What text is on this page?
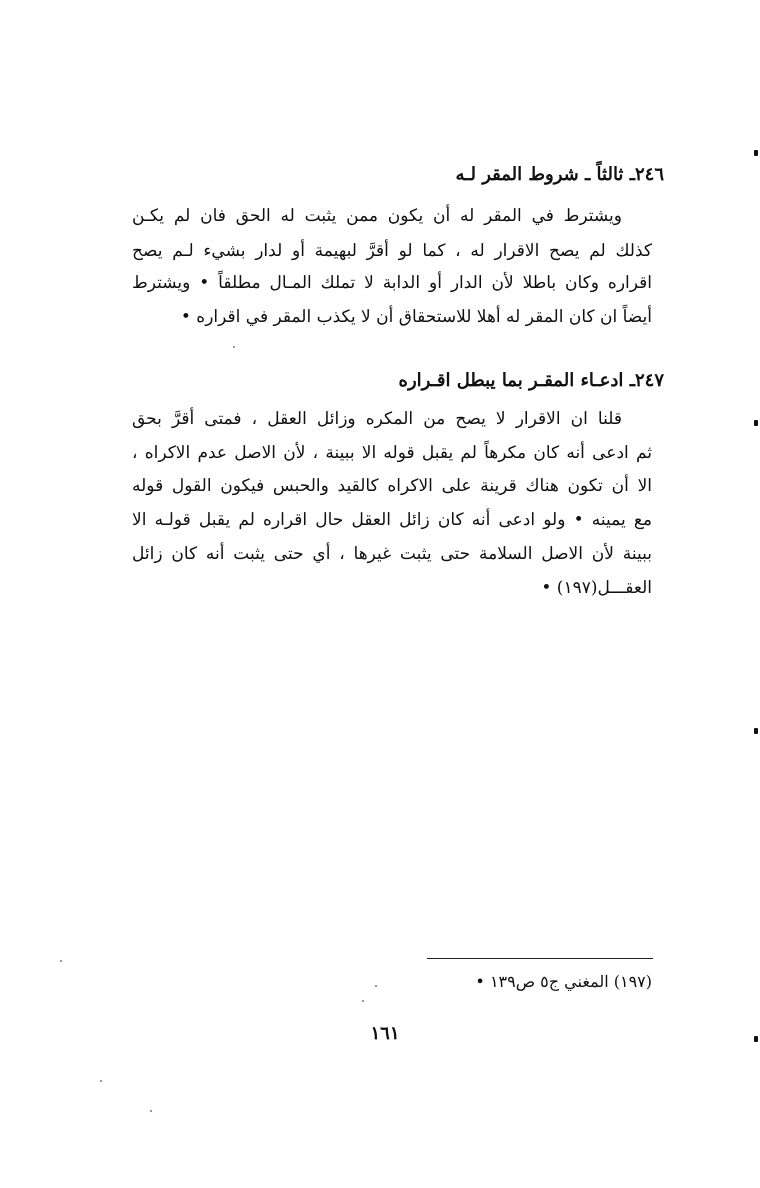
٢٤٦ـ ثالثاً ـ شروط المقر لـه
ويشترط في المقر له أن يكون ممن يثبت له الحق فان لم يكـن
كذلك لم يصح الاقرار له ، كما لو أقرَّ لبهيمة أو لدار بشيء لـم يصح
اقراره وكان باطلا لأن الدار أو الدابة لا تملك المـال مطلقاً • ويشترط
أيضاً ان كان المقر له أهلا للاستحقاق أن لا يكذب المقر في اقراره •
٢٤٧ـ ادعـاء المقـر بما يبطل اقـراره
قلنا ان الاقرار لا يصح من المكره وزائل العقل ، فمتى أقرَّ بحق
ثم ادعى أنه كان مكرهاً لم يقبل قوله الا ببينة ، لأن الاصل عدم الاكراه ،
الا أن تكون هناك قرينة على الاكراه كالقيد والحبس فيكون القول قوله
مع يمينه • ولو ادعى أنه كان زائل العقل حال اقراره لم يقبل قولـه الا
ببينة لأن الاصل السلامة حتى يثبت غيرها ، أي حتى يثبت أنه كان زائل
العقـــل(١٩٧) •
(١٩٧) المغني ج٥ ص١٣٩ •
١٦١
